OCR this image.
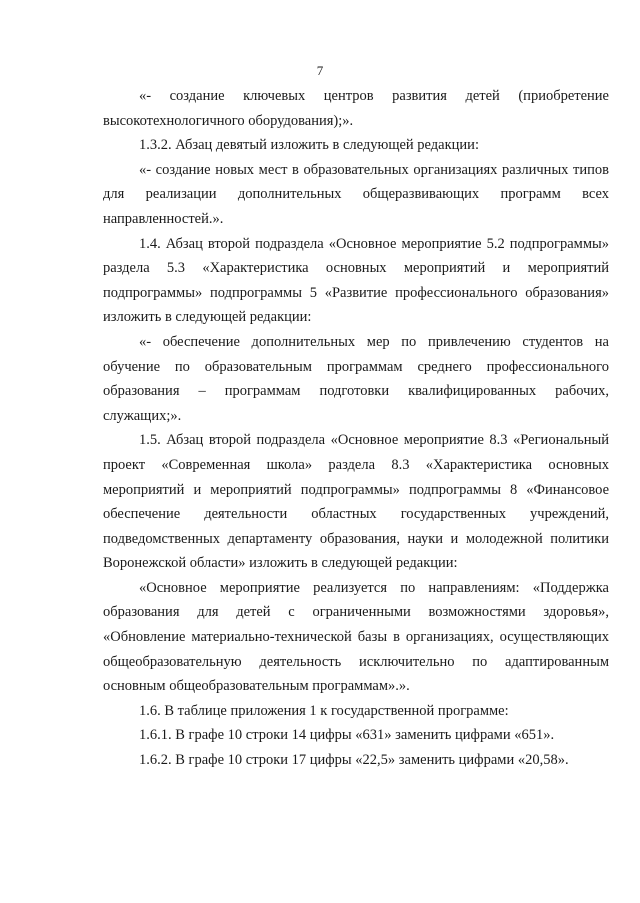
7
«- создание ключевых центров развития детей (приобретение
высокотехнологичного оборудования);».
1.3.2. Абзац девятый изложить в следующей редакции:
«- создание новых мест в образовательных организациях различных типов
для реализации дополнительных общеразвивающих программ всех
направленностей.».
1.4. Абзац второй подраздела «Основное мероприятие 5.2 подпрограммы»
раздела 5.3 «Характеристика основных мероприятий и мероприятий
подпрограммы» подпрограммы 5 «Развитие профессионального образования»
изложить в следующей редакции:
«- обеспечение дополнительных мер по привлечению студентов на
обучение по образовательным программам среднего профессионального
образования – программам подготовки квалифицированных рабочих,
служащих;».
1.5. Абзац второй подраздела «Основное мероприятие 8.3 «Региональный
проект «Современная школа» раздела 8.3 «Характеристика основных
мероприятий и мероприятий подпрограммы» подпрограммы 8 «Финансовое
обеспечение деятельности областных государственных учреждений,
подведомственных департаменту образования, науки и молодежной политики
Воронежской области» изложить в следующей редакции:
«Основное мероприятие реализуется по направлениям: «Поддержка
образования для детей с ограниченными возможностями здоровья»,
«Обновление материально-технической базы в организациях, осуществляющих
общеобразовательную деятельность исключительно по адаптированным
основным общеобразовательным программам».».
1.6. В таблице приложения 1 к государственной программе:
1.6.1. В графе 10 строки 14 цифры «631» заменить цифрами «651».
1.6.2. В графе 10 строки 17 цифры «22,5» заменить цифрами «20,58».
